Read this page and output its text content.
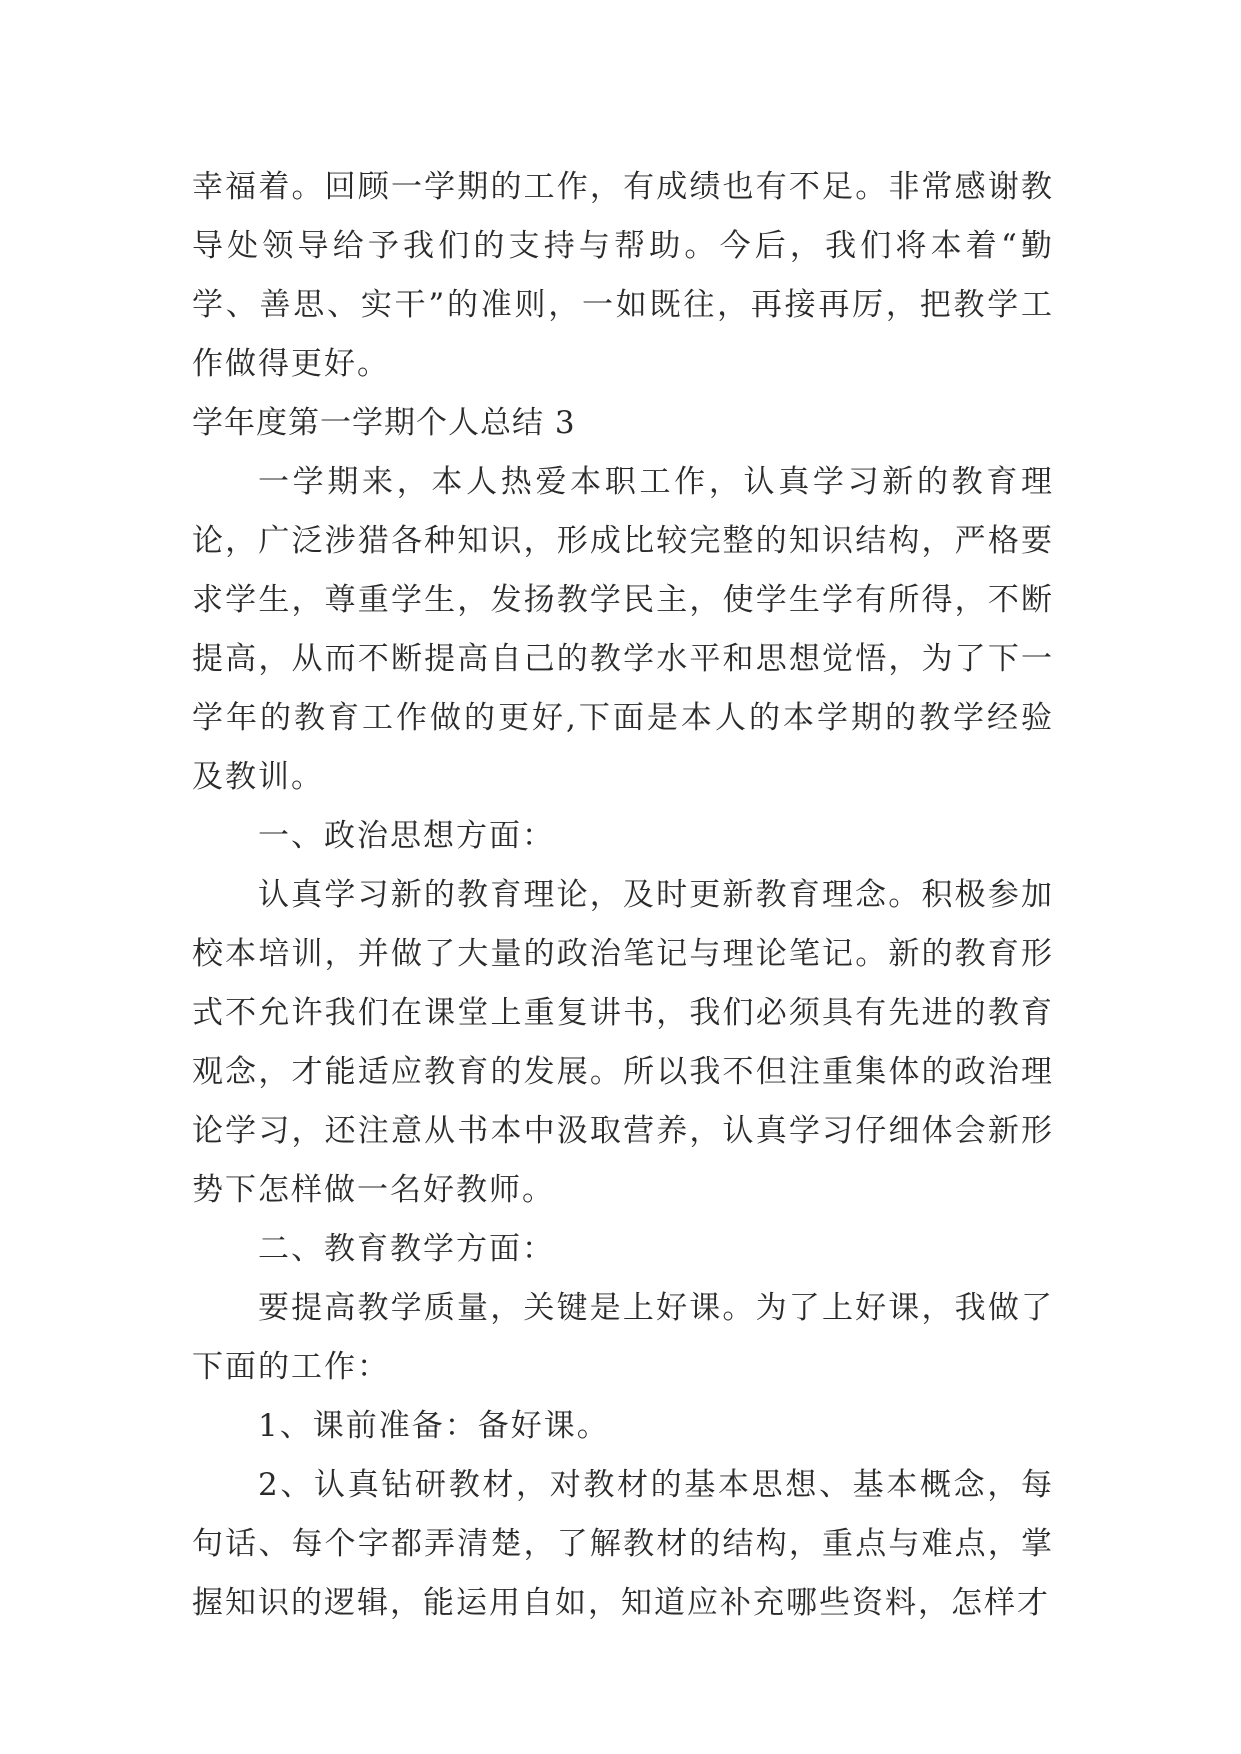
幸福着。回顾一学期的工作，有成绩也有不足。非常感谢教导处领导给予我们的支持与帮助。今后，我们将本着“勤学、善思、实干”的准则，一如既往，再接再厉，把教学工作做得更好。

学年度第一学期个人总结 3

一学期来，本人热爱本职工作，认真学习新的教育理论，广泛涉猎各种知识，形成比较完整的知识结构，严格要求学生，尊重学生，发扬教学民主，使学生学有所得，不断提高，从而不断提高自己的教学水平和思想觉悟，为了下一学年的教育工作做的更好,下面是本人的本学期的教学经验及教训。

一、政治思想方面：

认真学习新的教育理论，及时更新教育理念。积极参加校本培训，并做了大量的政治笔记与理论笔记。新的教育形式不允许我们在课堂上重复讲书，我们必须具有先进的教育观念，才能适应教育的发展。所以我不但注重集体的政治理论学习，还注意从书本中汲取营养，认真学习仔细体会新形势下怎样做一名好教师。

二、教育教学方面：

要提高教学质量，关键是上好课。为了上好课，我做了下面的工作：

1、课前准备：备好课。

2、认真钻研教材，对教材的基本思想、基本概念，每句话、每个字都弄清楚，了解教材的结构，重点与难点，掌握知识的逻辑，能运用自如，知道应补充哪些资料，怎样才
